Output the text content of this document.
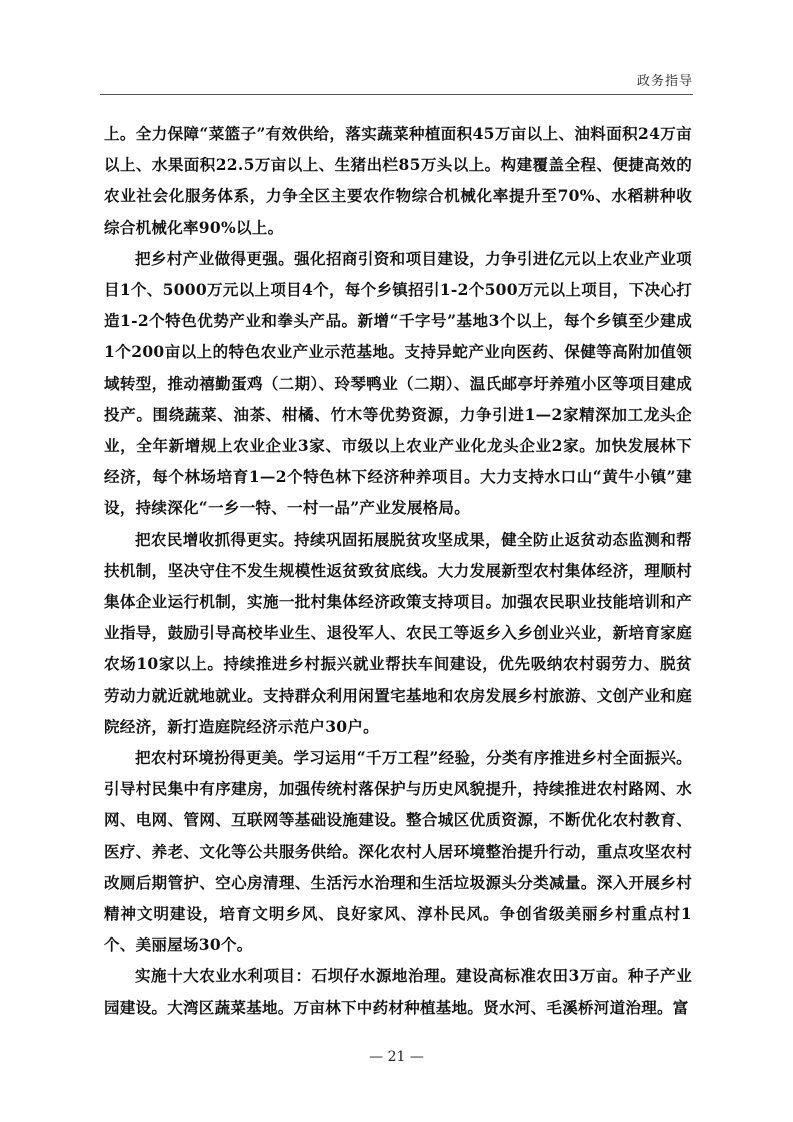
政务指导

上。全力保障“菜篮子”有效供给，落实蔬菜种植面积45万亩以上、油料面积24万亩以上、水果面积22.5万亩以上、生猪出栏85万头以上。构建覆盖全程、便捷高效的农业社会化服务体系，力争全区主要农作物综合机械化率提升至70%、水稻耕种收综合机械化率90%以上。

把乡村产业做得更强。强化招商引资和项目建设，力争引进亿元以上农业产业项目1个、5000万元以上项目4个，每个乡镇招引1-2个500万元以上项目，下决心打造1-2个特色优势产业和拳头产品。新增“千字号”基地3个以上，每个乡镇至少建成1个200亩以上的特色农业产业示范基地。支持异蛇产业向医药、保健等高附加值领域转型，推动禧勤蛋鸡（二期）、玲琴鸭业（二期）、温氏邮亭圩养殖小区等项目建成投产。围绕蔬菜、油茶、柑橘、竹木等优势资源，力争引进1—2家精深加工龙头企业，全年新增规上农业企业3家、市级以上农业产业化龙头企业2家。加快发展林下经济，每个林场培育1—2个特色林下经济种养项目。大力支持水口山“黄牛小镇”建设，持续深化“一乡一特、一村一品”产业发展格局。

把农民增收抓得更实。持续巩固拓展脱贫攻坚成果，健全防止返贫动态监测和帮扶机制，坚决守住不发生规模性返贫致贫底线。大力发展新型农村集体经济，理顺村集体企业运行机制，实施一批村集体经济政策支持项目。加强农民职业技能培训和产业指导，鼓励引导高校毕业生、退役军人、农民工等返乡入乡创业兴业，新培育家庭农场10家以上。持续推进乡村振兴就业帮扶车间建设，优先吸纳农村弱劳力、脱贫劳动力就近就地就业。支持群众利用闲置宅基地和农房发展乡村旅游、文创产业和庭院经济，新打造庭院经济示范户30户。

把农村环境扮得更美。学习运用“千万工程”经验，分类有序推进乡村全面振兴。引导村民集中有序建房，加强传统村落保护与历史风貌提升，持续推进农村路网、水网、电网、管网、互联网等基础设施建设。整合城区优质资源，不断优化农村教育、医疗、养老、文化等公共服务供给。深化农村人居环境整治提升行动，重点攻坚农村改厕后期管护、空心房清理、生活污水治理和生活垃圾源头分类减量。深入开展乡村精神文明建设，培育文明乡风、良好家风、淳朴民风。争创省级美丽乡村重点村1个、美丽屋场30个。

实施十大农业水利项目：石坝仔水源地治理。建设高标准农田3万亩。种子产业园建设。大湾区蔬菜基地。万亩林下中药材种植基地。贤水河、毛溪桥河道治理。富

— 21 —
